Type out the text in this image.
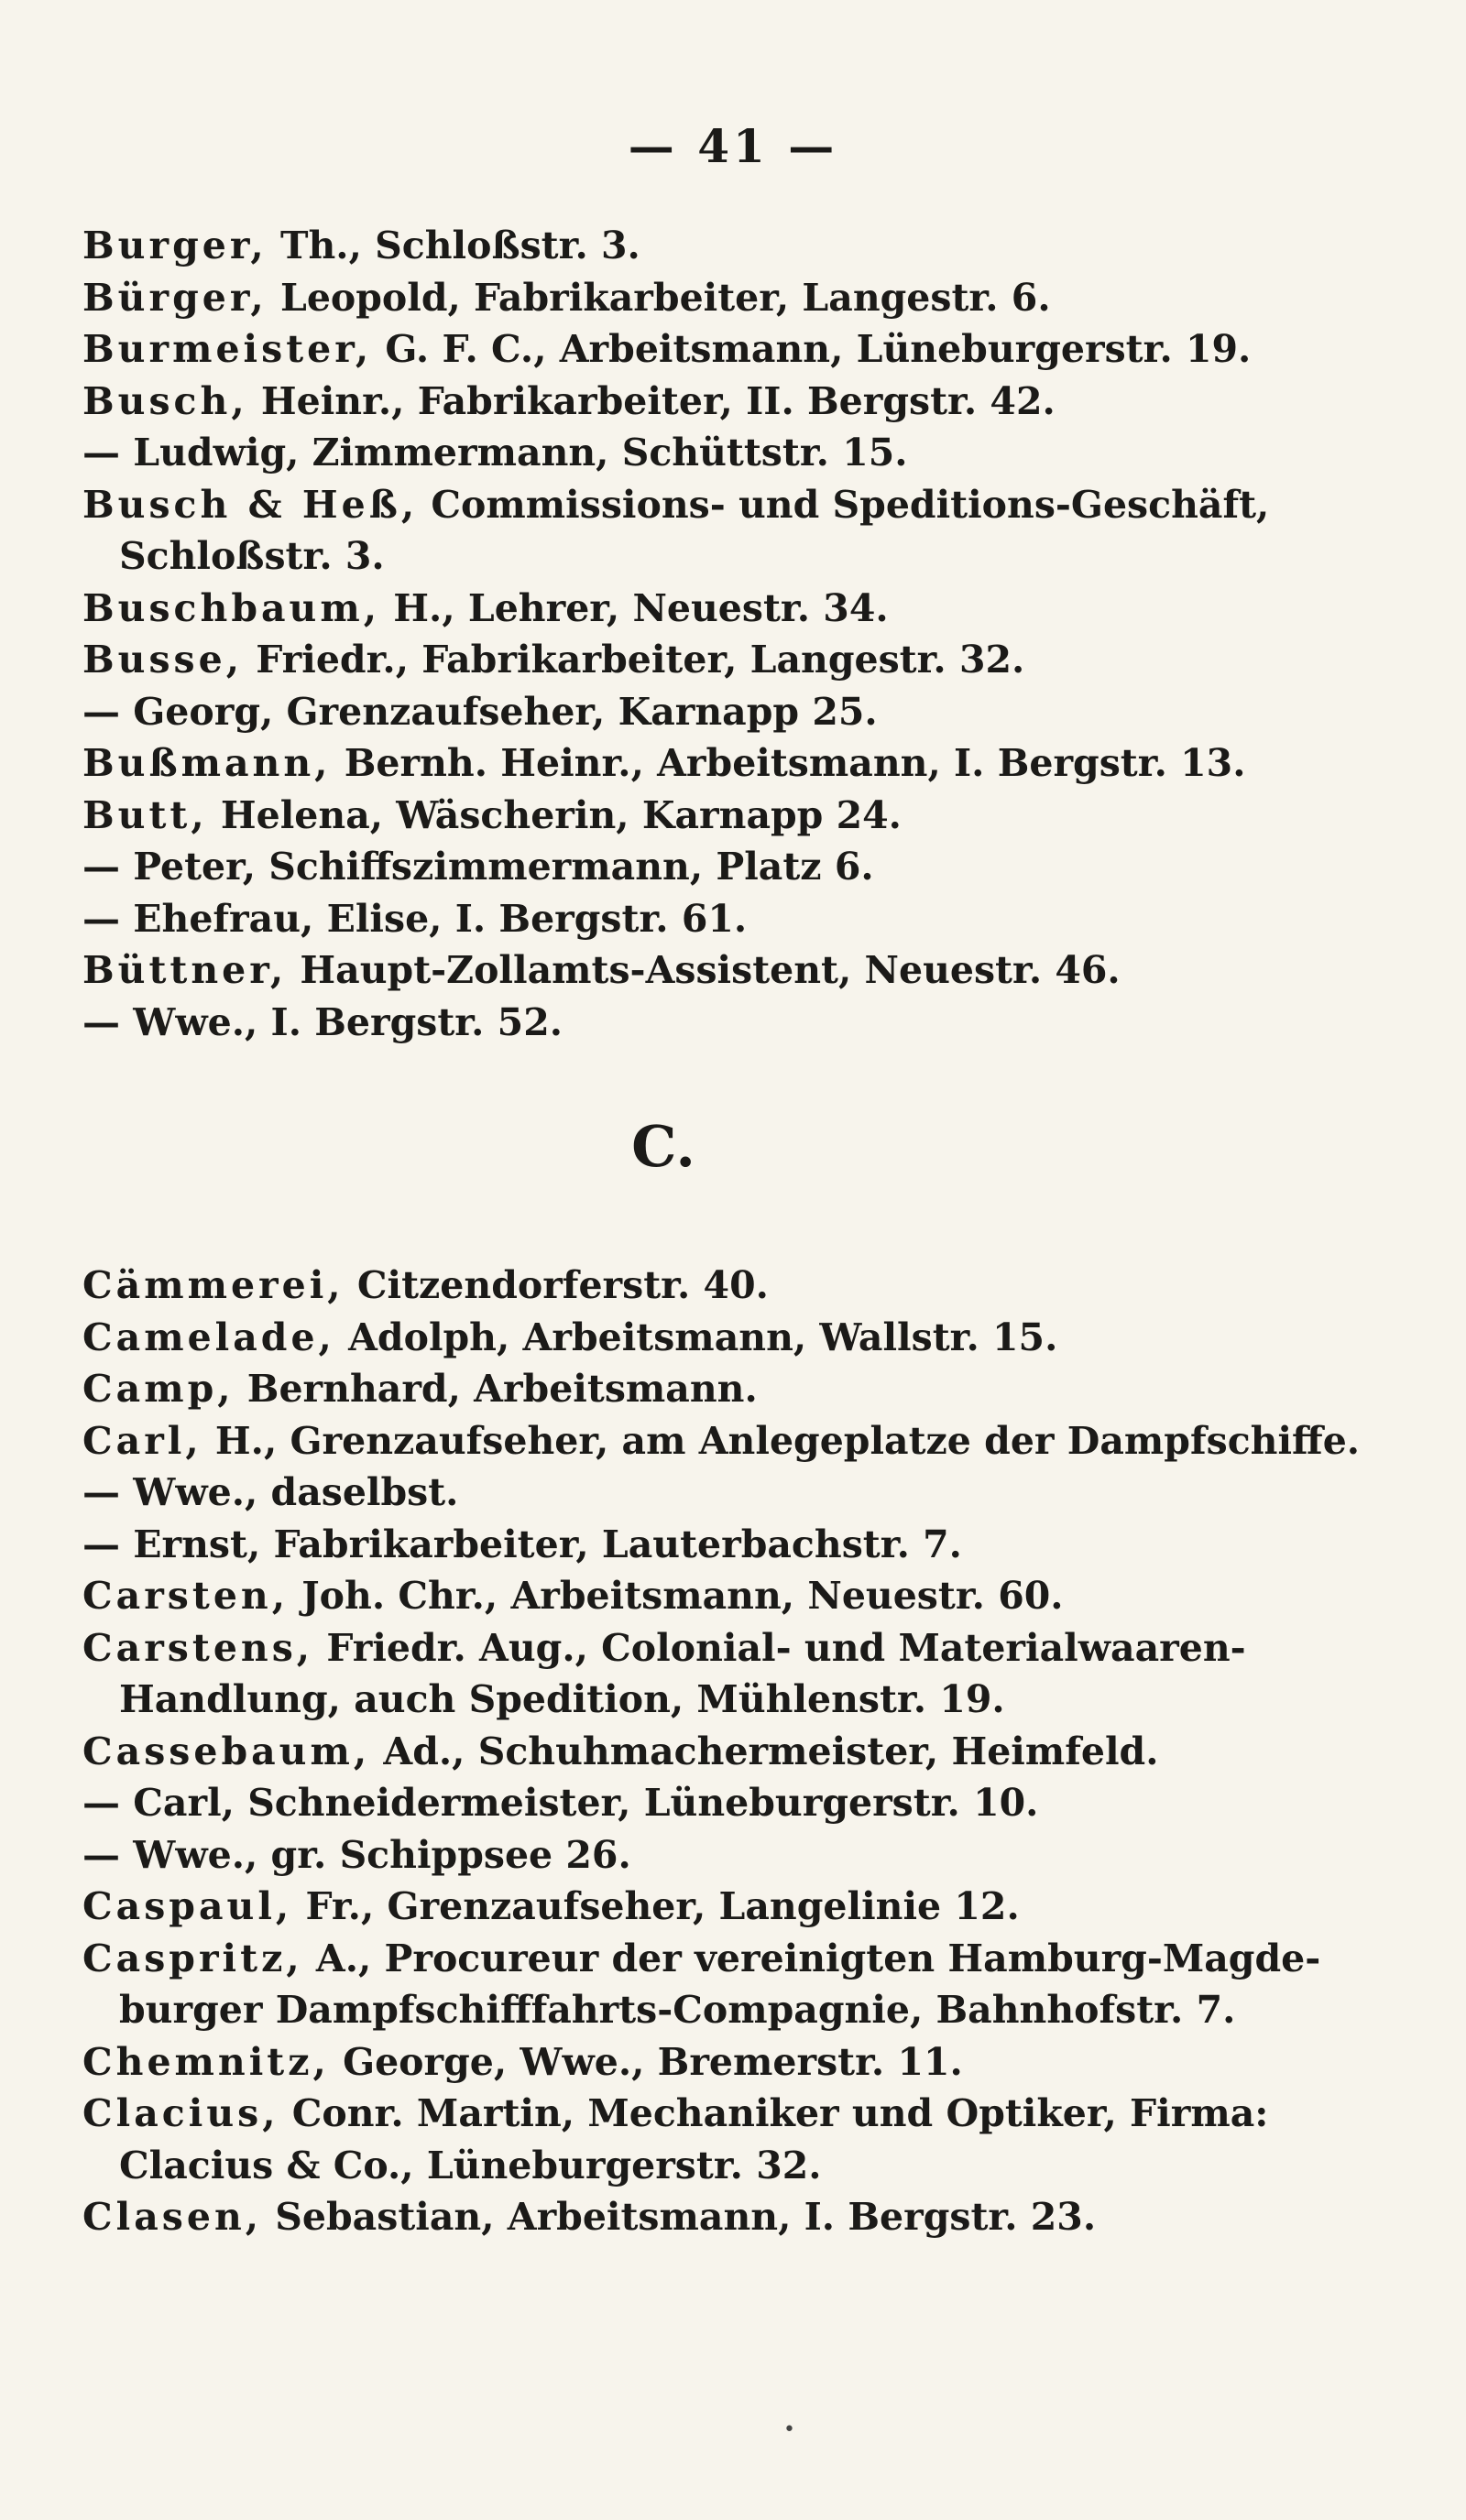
— 41 —
Burger, Th., Schloßstr. 3.
Bürger, Leopold, Fabrikarbeiter, Langestr. 6.
Burmeister, G. F. C., Arbeitsmann, Lüneburgerstr. 19.
Busch, Heinr., Fabrikarbeiter, II. Bergstr. 42.
— Ludwig, Zimmermann, Schüttstr. 15.
Busch & Heß, Commissions- und Speditions-Geschäft,
Schloßstr. 3.
Buschbaum, H., Lehrer, Neuestr. 34.
Busse, Friedr., Fabrikarbeiter, Langestr. 32.
— Georg, Grenzaufseher, Karnapp 25.
Bußmann, Bernh. Heinr., Arbeitsmann, I. Bergstr. 13.
Butt, Helena, Wäscherin, Karnapp 24.
— Peter, Schiffszimmermann, Platz 6.
— Ehefrau, Elise, I. Bergstr. 61.
Büttner, Haupt-Zollamts-Assistent, Neuestr. 46.
— Wwe., I. Bergstr. 52.
C.
Cämmerei, Citzendorferstr. 40.
Camelade, Adolph, Arbeitsmann, Wallstr. 15.
Camp, Bernhard, Arbeitsmann.
Carl, H., Grenzaufseher, am Anlegeplatze der Dampfschiffe.
— Wwe., daselbst.
— Ernst, Fabrikarbeiter, Lauterbachstr. 7.
Carsten, Joh. Chr., Arbeitsmann, Neuestr. 60.
Carstens, Friedr. Aug., Colonial- und Materialwaaren-
Handlung, auch Spedition, Mühlenstr. 19.
Cassebaum, Ad., Schuhmachermeister, Heimfeld.
— Carl, Schneidermeister, Lüneburgerstr. 10.
— Wwe., gr. Schippsee 26.
Caspaul, Fr., Grenzaufseher, Langelinie 12.
Caspritz, A., Procureur der vereinigten Hamburg-Magde-
burger Dampfschifffahrts-Compagnie, Bahnhofstr. 7.
Chemnitz, George, Wwe., Bremerstr. 11.
Clacius, Conr. Martin, Mechaniker und Optiker, Firma:
Clacius & Co., Lüneburgerstr. 32.
Clasen, Sebastian, Arbeitsmann, I. Bergstr. 23.
•
